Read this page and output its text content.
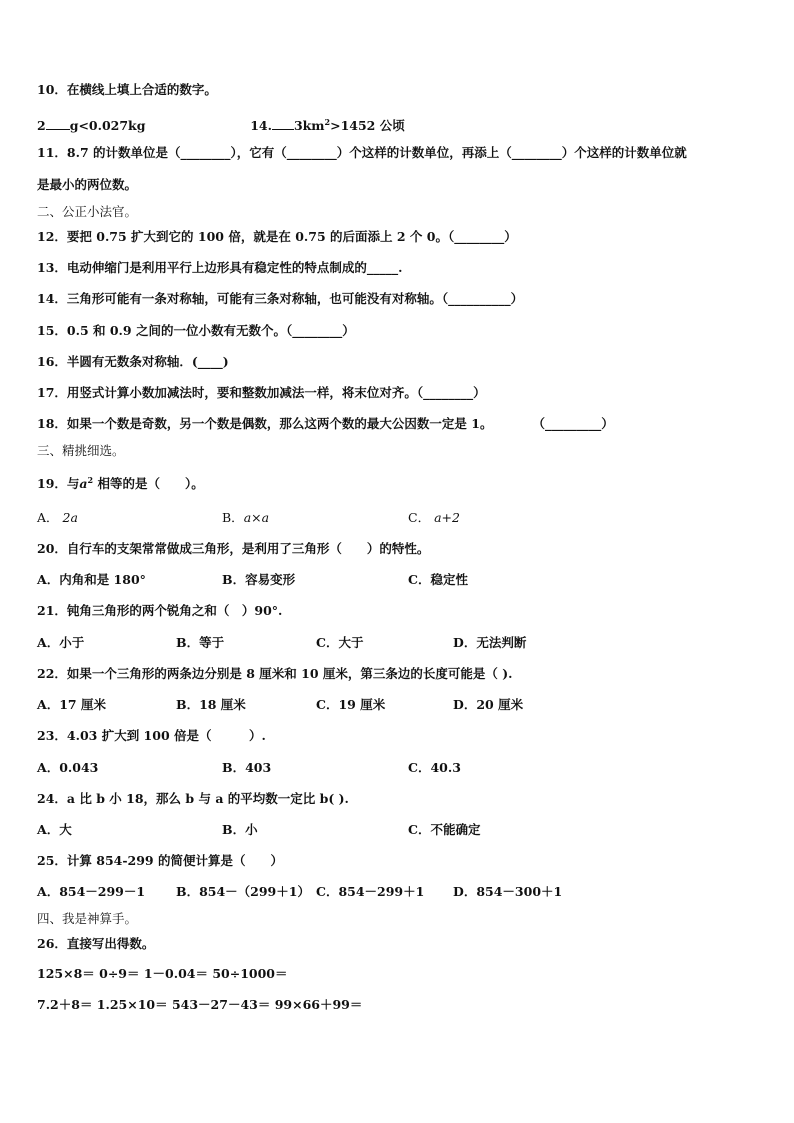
10．在横线上填上合适的数字。
2 g<0.027kg	14. $3km^2>1452$ 公顷
11．8.7 的计数单位是（________），它有（________）个这样的计数单位，再添上（________）个这样的计数单位就
是最小的两位数。
二、公正小法官。
12．要把 0.75 扩大到它的 100 倍，就是在 0.75 的后面添上 2 个 0。（________）
13．电动伸缩门是利用平行上边形具有稳定性的特点制成的_____.
14．三角形可能有一条对称轴，可能有三条对称轴，也可能没有对称轴。（__________）
15．0.5 和 0.9 之间的一位小数有无数个。（________）
16．半圆有无数条对称轴．(____)
17．用竖式计算小数加减法时，要和整数加减法一样，将末位对齐。（________）
18．如果一个数是奇数，另一个数是偶数，那么这两个数的最大公因数一定是 1。	（_________）
三、精挑细选。
19．与$a^2$ 相等的是（　　）。
A． 2a	B．a×a	C． a+2
20．自行车的支架常常做成三角形，是利用了三角形（　　）的特性。
A．内角和是 180°	B．容易变形	C．稳定性
21．钝角三角形的两个锐角之和（　）90°.
A．小于	B．等于	C．大于	D．无法判断
22．如果一个三角形的两条边分别是 8 厘米和 10 厘米，第三条边的长度可能是（ ).
A．17 厘米	B．18 厘米	C．19 厘米	D．20 厘米
23．4.03 扩大到 100 倍是（　　　）.
A．0.043	B．403	C．40.3
24．a 比 b 小 18，那么 b 与 a 的平均数一定比 b( ).
A．大	B．小	C．不能确定
25．计算 854-299 的简便计算是（　　）
A．854－299－1 B．854－（299＋1） C．854－299＋1 D．854－300＋1
四、我是神算手。
26．直接写出得数。
125×8＝ 0÷9＝ 1－0.04＝ 50÷1000＝
7.2＋8＝ 1.25×10＝ 543－27－43＝ 99×66＋99＝
